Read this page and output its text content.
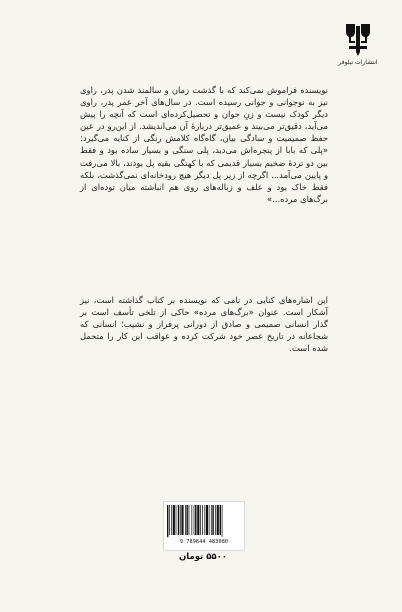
انتشارات نیلوفر

نویسنده فراموش نمی‌کند که با گذشت زمان و سالمند شدن پدر، راوی نیز به نوجوانی و جوانی رسیده است. در سال‌های آخر عمر پدر، راوی دیگر کودک نیست و زنِ جوان و تحصیل‌کرده‌ای است که آنچه را پیش می‌آید، دقیق‌تر می‌بیند و عمیق‌تر درباره‌ٔ آن می‌اندیشد. از این‌رو در عین حفظ صمیمیت و سادگی بیان، گاه‌گاه کلامش رنگی از کنایه می‌گیرد: «پلی که بابا از پنجره‌اش می‌دید، پلی سنگی و بسیار ساده بود و فقط بین دو تردهٔ ضخیم بسیار قدیمی که با کهنگی بقیه پل بودند، بالا می‌رفت و پایین می‌آمد... اگرچه از زیر پل دیگر هیچ رودخانه‌ای نمی‌گذشت، بلکه فقط خاک بود و علف و زباله‌های روی هم انباشته میان توده‌ای از برگ‌های مرده...»

این اشاره‌های کنایی در نامی که نویسنده بر کتاب گذاشته است، نیز آشکار است. عنوان «برگ‌های مرده» حاکی از تلخی تأسف است بر گذار انسانی صمیمی و صادق از دورانی پرفراز و نشیب؛ انسانی که شجاعانه در تاریخ عصر خود شرکت کرده و عواقب این کار را متحمل شده است.

9 789644 483080
۵۵۰۰ تومان
